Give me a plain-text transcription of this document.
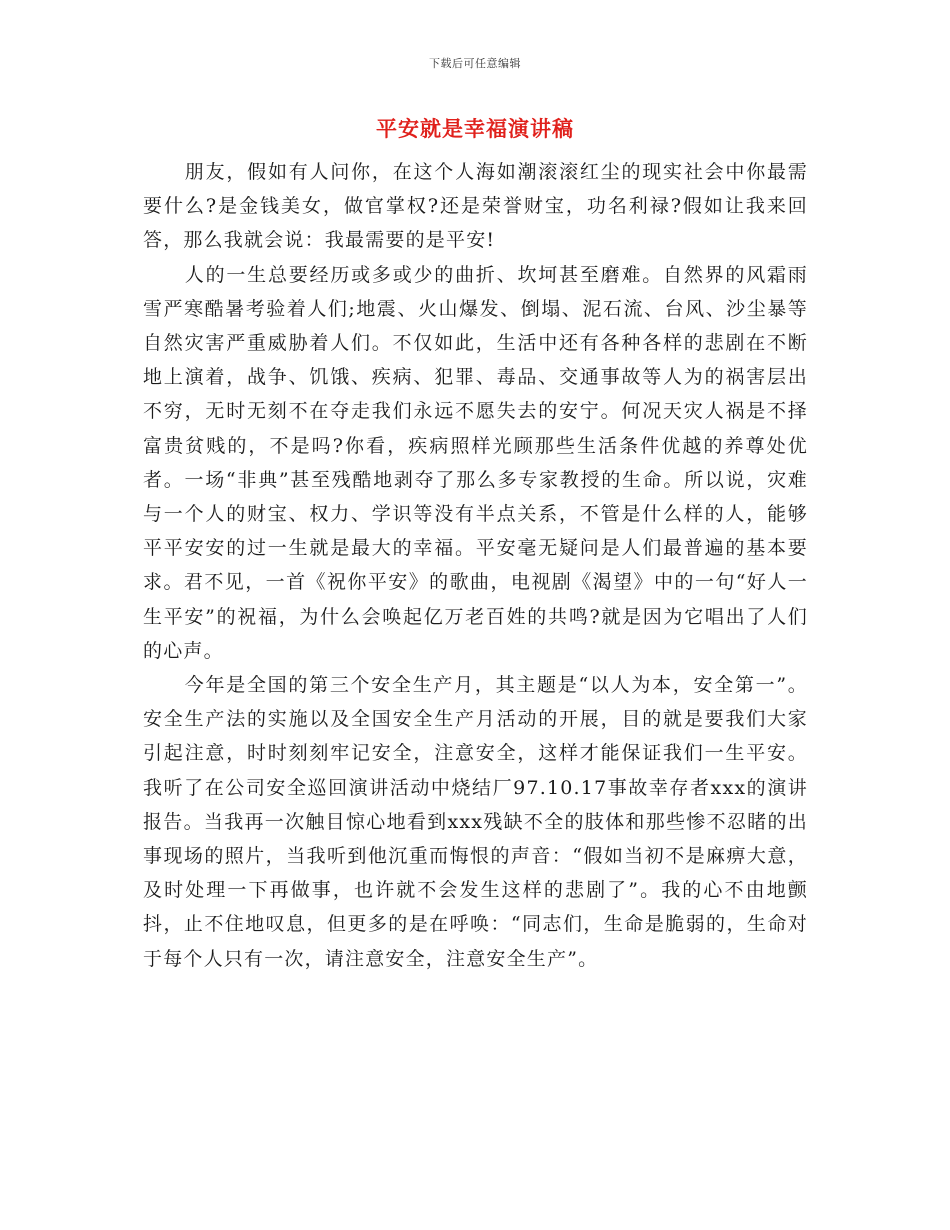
下载后可任意编辑
平安就是幸福演讲稿

朋友，假如有人问你，在这个人海如潮滚滚红尘的现实社会中你最需要什么?是金钱美女，做官掌权?还是荣誉财宝，功名利禄?假如让我来回答，那么我就会说：我最需要的是平安!

人的一生总要经历或多或少的曲折、坎坷甚至磨难。自然界的风霜雨雪严寒酷暑考验着人们;地震、火山爆发、倒塌、泥石流、台风、沙尘暴等自然灾害严重威胁着人们。不仅如此，生活中还有各种各样的悲剧在不断地上演着，战争、饥饿、疾病、犯罪、毒品、交通事故等人为的祸害层出不穷，无时无刻不在夺走我们永远不愿失去的安宁。何况天灾人祸是不择富贵贫贱的，不是吗?你看，疾病照样光顾那些生活条件优越的养尊处优者。一场“非典”甚至残酷地剥夺了那么多专家教授的生命。所以说，灾难与一个人的财宝、权力、学识等没有半点关系，不管是什么样的人，能够平平安安的过一生就是最大的幸福。平安毫无疑问是人们最普遍的基本要求。君不见，一首《祝你平安》的歌曲，电视剧《渴望》中的一句“好人一生平安”的祝福，为什么会唤起亿万老百姓的共鸣?就是因为它唱出了人们的心声。

今年是全国的第三个安全生产月，其主题是“以人为本，安全第一”。安全生产法的实施以及全国安全生产月活动的开展，目的就是要我们大家引起注意，时时刻刻牢记安全，注意安全，这样才能保证我们一生平安。我听了在公司安全巡回演讲活动中烧结厂97.10.17事故幸存者xxx的演讲报告。当我再一次触目惊心地看到xxx残缺不全的肢体和那些惨不忍睹的出事现场的照片，当我听到他沉重而悔恨的声音：“假如当初不是麻痹大意，及时处理一下再做事，也许就不会发生这样的悲剧了”。我的心不由地颤抖，止不住地叹息，但更多的是在呼唤：“同志们，生命是脆弱的，生命对于每个人只有一次，请注意安全，注意安全生产”。
